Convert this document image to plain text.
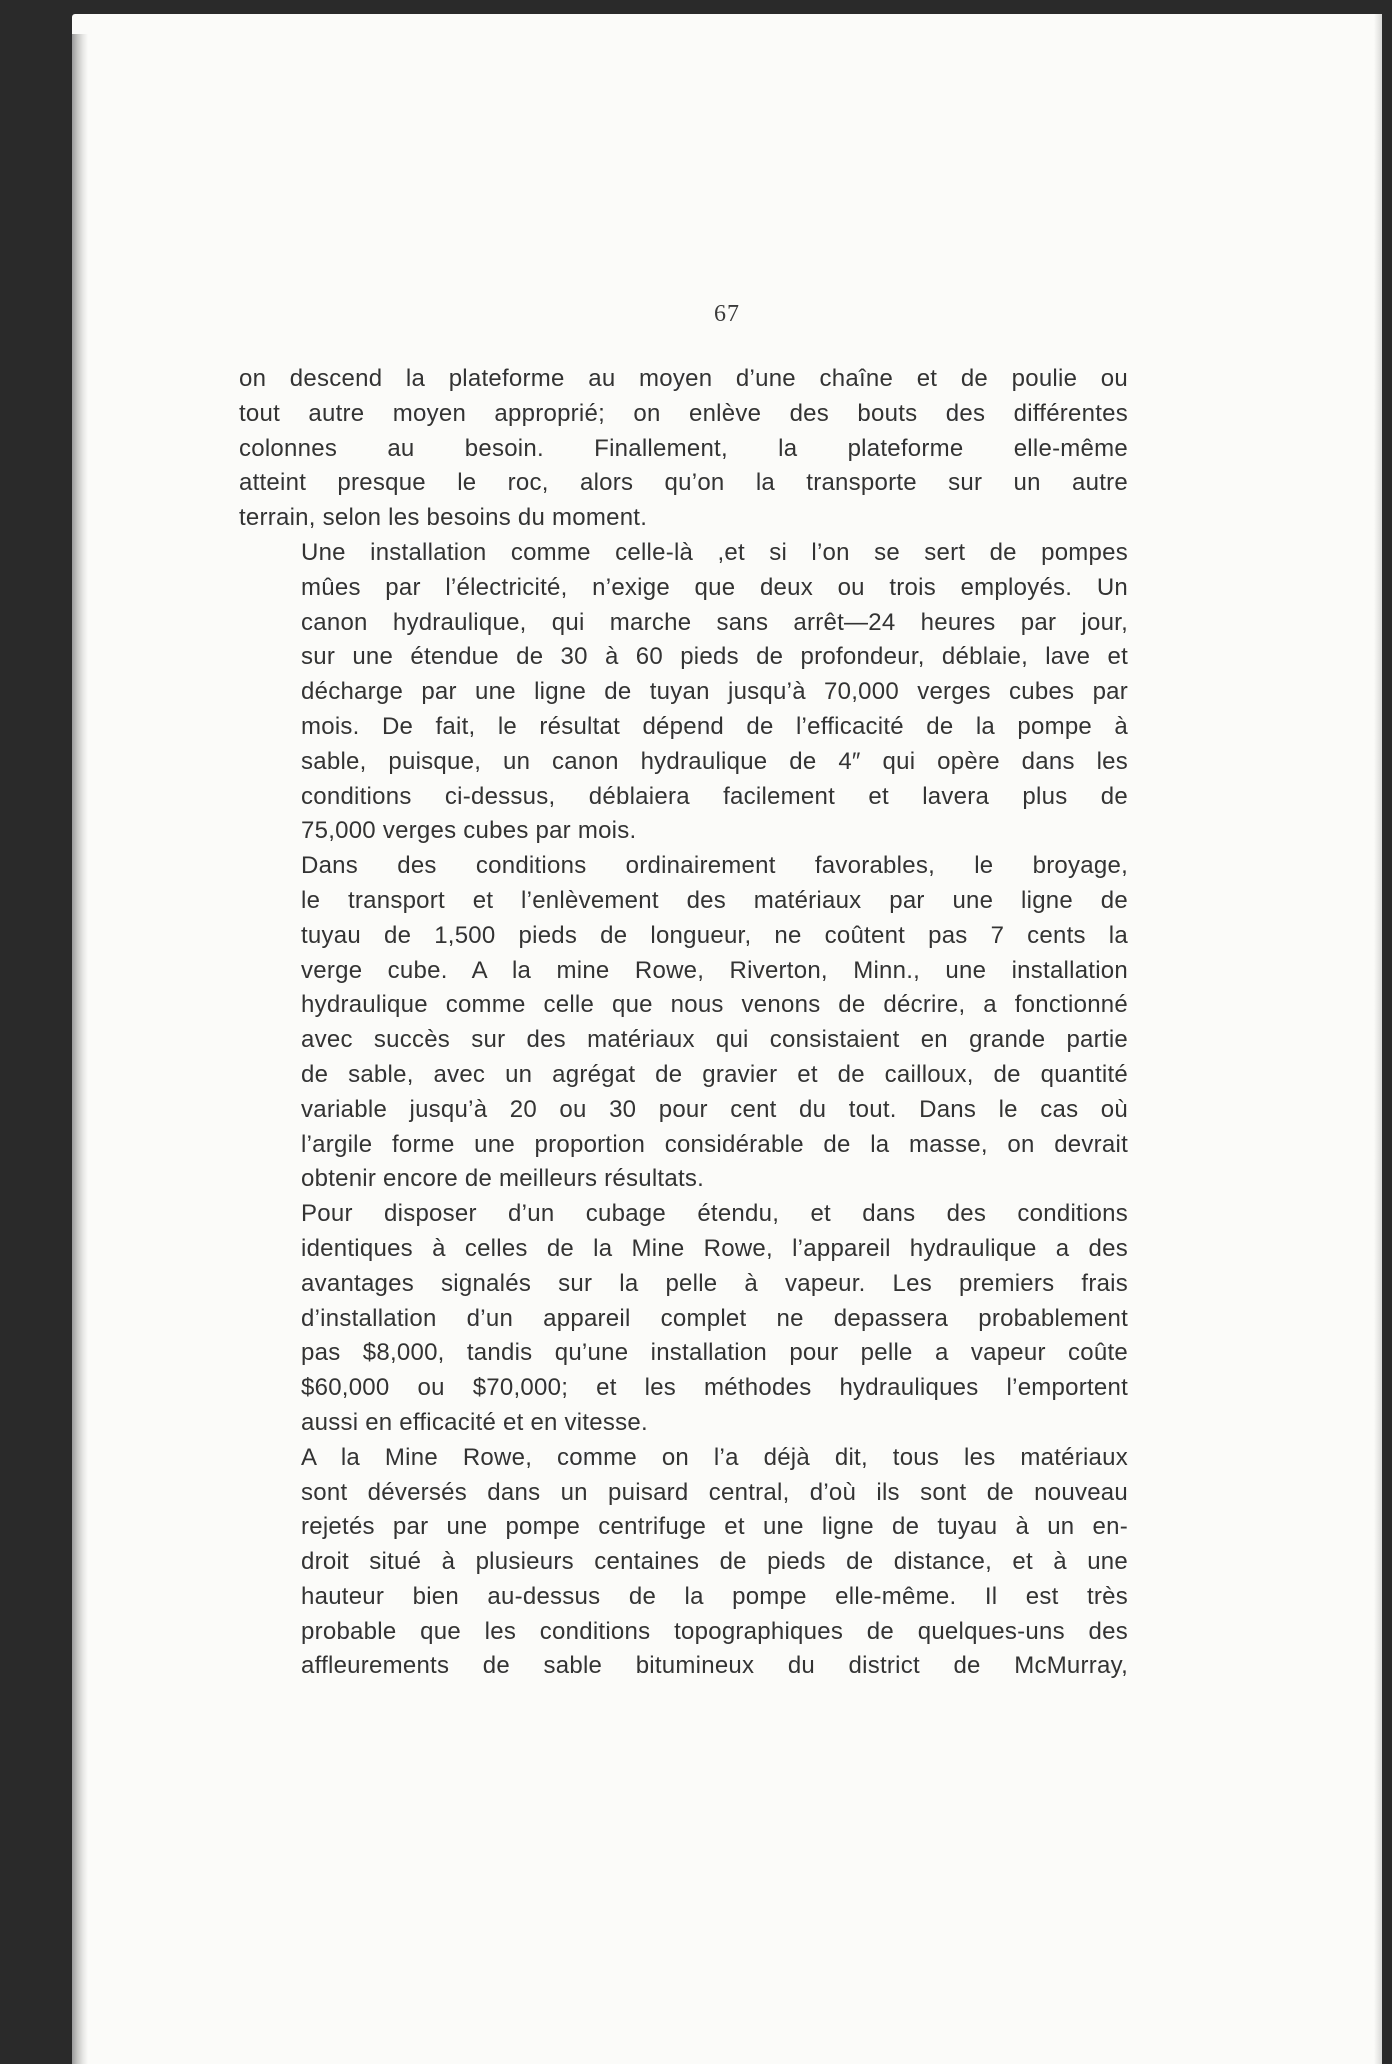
67

on descend la plateforme au moyen d’une chaîne et de poulie ou
tout autre moyen approprié; on enlève des bouts des différentes
colonnes au besoin. Finallement, la plateforme elle-même
atteint presque le roc, alors qu’on la transporte sur un autre
terrain, selon les besoins du moment.

Une installation comme celle-là ,et si l’on se sert de pompes
mûes par l’électricité, n’exige que deux ou trois employés. Un
canon hydraulique, qui marche sans arrêt—24 heures par jour,
sur une étendue de 30 à 60 pieds de profondeur, déblaie, lave et
décharge par une ligne de tuyan jusqu’à 70,000 verges cubes par
mois. De fait, le résultat dépend de l’efficacité de la pompe à
sable, puisque, un canon hydraulique de 4″ qui opère dans les
conditions ci-dessus, déblaiera facilement et lavera plus de
75,000 verges cubes par mois.

Dans des conditions ordinairement favorables, le broyage,
le transport et l’enlèvement des matériaux par une ligne de
tuyau de 1,500 pieds de longueur, ne coûtent pas 7 cents la
verge cube. A la mine Rowe, Riverton, Minn., une installation
hydraulique comme celle que nous venons de décrire, a fonctionné
avec succès sur des matériaux qui consistaient en grande partie
de sable, avec un agrégat de gravier et de cailloux, de quantité
variable jusqu’à 20 ou 30 pour cent du tout. Dans le cas où
l’argile forme une proportion considérable de la masse, on devrait
obtenir encore de meilleurs résultats.

Pour disposer d’un cubage étendu, et dans des conditions
identiques à celles de la Mine Rowe, l’appareil hydraulique a des
avantages signalés sur la pelle à vapeur. Les premiers frais
d’installation d’un appareil complet ne depassera probablement
pas $8,000, tandis qu’une installation pour pelle a vapeur coûte
$60,000 ou $70,000; et les méthodes hydrauliques l’emportent
aussi en efficacité et en vitesse.

A la Mine Rowe, comme on l’a déjà dit, tous les matériaux
sont déversés dans un puisard central, d’où ils sont de nouveau
rejetés par une pompe centrifuge et une ligne de tuyau à un en-
droit situé à plusieurs centaines de pieds de distance, et à une
hauteur bien au-dessus de la pompe elle-même. Il est très
probable que les conditions topographiques de quelques-uns des
affleurements de sable bitumineux du district de McMurray,
